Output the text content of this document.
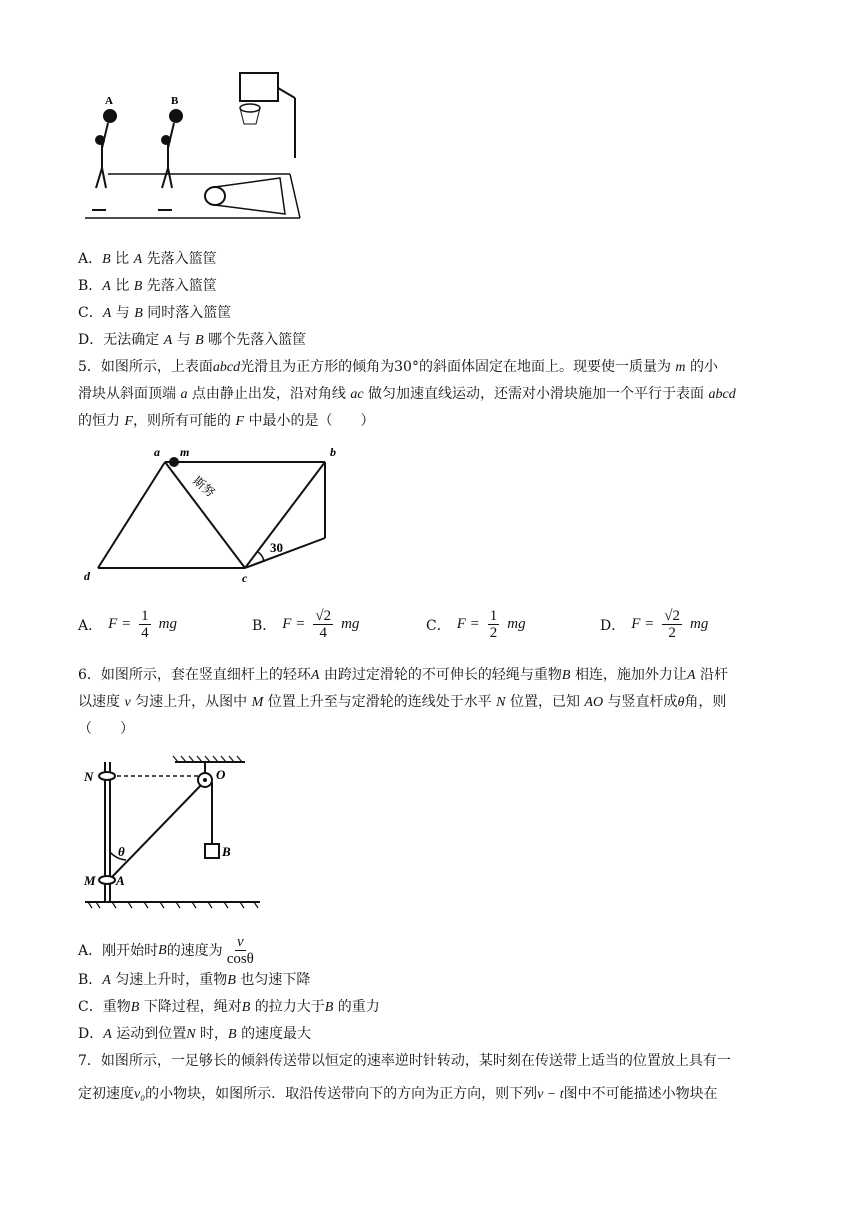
A	B
A．B 比 A 先落入篮筐
B．A 比 B 先落入篮筐
C．A 与 B 同时落入篮筐
D．无法确定 A 与 B 哪个先落入篮筐
5．如图所示，上表面abcd光滑且为正方形的倾角为30°的斜面体固定在地面上。现要使一质量为 m 的小
滑块从斜面顶端 a 点由静止出发，沿对角线 ac 做匀加速直线运动，还需对小滑块施加一个平行于表面 abcd
的恒力 F，则所有可能的 F 中最小的是（　　）
a m	b
c
d
30
斯努
A． $F = \frac{1}{4}$ mg	B． $F = \frac{√2}{4}$ mg	C． $F = \frac{1}{2}$ mg	D． $F = \frac{√2}{2}$ mg
6．如图所示，套在竖直细杆上的轻环A 由跨过定滑轮的不可伸长的轻绳与重物B 相连，施加外力让A 沿杆
以速度 v 匀速上升，从图中 M 位置上升至与定滑轮的连线处于水平 N 位置，已知 AO 与竖直杆成θ角，则
（　　）
N	O
θ	B
M A
A．刚开始时 B 的速度为 $\frac{v}{\cos\theta}$
B．A 匀速上升时，重物B 也匀速下降
C．重物B 下降过程，绳对B 的拉力大于B 的重力
D．A 运动到位置N 时，B 的速度最大
7．如图所示，一足够长的倾斜传送带以恒定的速率逆时针转动，某时刻在传送带上适当的位置放上具有一
定初速度v₀的小物块，如图所示．取沿传送带向下的方向为正方向，则下列v − t图中不可能描述小物块在
